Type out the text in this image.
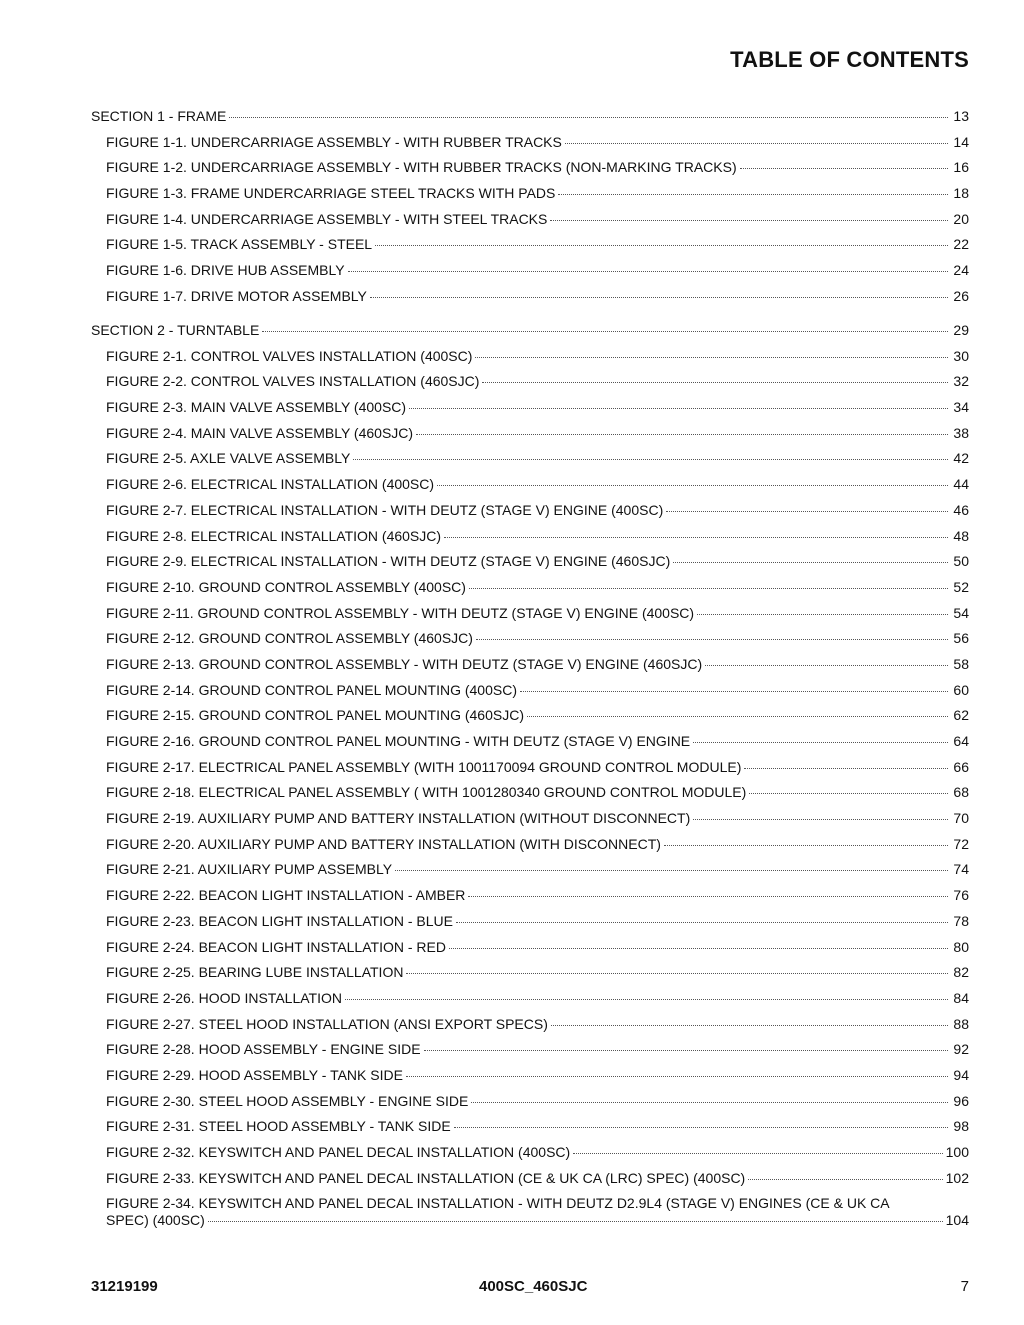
TABLE OF CONTENTS
SECTION 1 - FRAME	13
FIGURE 1-1. UNDERCARRIAGE ASSEMBLY - WITH RUBBER TRACKS	14
FIGURE 1-2. UNDERCARRIAGE ASSEMBLY - WITH RUBBER TRACKS (NON-MARKING TRACKS)	16
FIGURE 1-3. FRAME UNDERCARRIAGE STEEL TRACKS WITH PADS	18
FIGURE 1-4. UNDERCARRIAGE ASSEMBLY - WITH STEEL TRACKS	20
FIGURE 1-5. TRACK ASSEMBLY - STEEL	22
FIGURE 1-6. DRIVE HUB ASSEMBLY	24
FIGURE 1-7. DRIVE MOTOR ASSEMBLY	26
SECTION 2 - TURNTABLE	29
FIGURE 2-1. CONTROL VALVES INSTALLATION (400SC)	30
FIGURE 2-2. CONTROL VALVES INSTALLATION (460SJC)	32
FIGURE 2-3. MAIN VALVE ASSEMBLY (400SC)	34
FIGURE 2-4. MAIN VALVE ASSEMBLY (460SJC)	38
FIGURE 2-5. AXLE VALVE ASSEMBLY	42
FIGURE 2-6. ELECTRICAL INSTALLATION (400SC)	44
FIGURE 2-7. ELECTRICAL INSTALLATION - WITH DEUTZ (STAGE V) ENGINE (400SC)	46
FIGURE 2-8. ELECTRICAL INSTALLATION (460SJC)	48
FIGURE 2-9. ELECTRICAL INSTALLATION - WITH DEUTZ (STAGE V) ENGINE (460SJC)	50
FIGURE 2-10. GROUND CONTROL ASSEMBLY (400SC)	52
FIGURE 2-11. GROUND CONTROL ASSEMBLY - WITH DEUTZ (STAGE V) ENGINE (400SC)	54
FIGURE 2-12. GROUND CONTROL ASSEMBLY (460SJC)	56
FIGURE 2-13. GROUND CONTROL ASSEMBLY - WITH DEUTZ (STAGE V) ENGINE (460SJC)	58
FIGURE 2-14. GROUND CONTROL PANEL MOUNTING (400SC)	60
FIGURE 2-15. GROUND CONTROL PANEL MOUNTING (460SJC)	62
FIGURE 2-16. GROUND CONTROL PANEL MOUNTING - WITH DEUTZ (STAGE V) ENGINE	64
FIGURE 2-17. ELECTRICAL PANEL ASSEMBLY (WITH 1001170094 GROUND CONTROL MODULE)	66
FIGURE 2-18. ELECTRICAL PANEL ASSEMBLY ( WITH 1001280340 GROUND CONTROL MODULE)	68
FIGURE 2-19. AUXILIARY PUMP AND BATTERY INSTALLATION (WITHOUT DISCONNECT)	70
FIGURE 2-20. AUXILIARY PUMP AND BATTERY INSTALLATION (WITH DISCONNECT)	72
FIGURE 2-21. AUXILIARY PUMP ASSEMBLY	74
FIGURE 2-22. BEACON LIGHT INSTALLATION - AMBER	76
FIGURE 2-23. BEACON LIGHT INSTALLATION - BLUE	78
FIGURE 2-24. BEACON LIGHT INSTALLATION - RED	80
FIGURE 2-25. BEARING LUBE INSTALLATION	82
FIGURE 2-26. HOOD INSTALLATION	84
FIGURE 2-27. STEEL HOOD INSTALLATION (ANSI EXPORT SPECS)	88
FIGURE 2-28. HOOD ASSEMBLY - ENGINE SIDE	92
FIGURE 2-29. HOOD ASSEMBLY - TANK SIDE	94
FIGURE 2-30. STEEL HOOD ASSEMBLY - ENGINE SIDE	96
FIGURE 2-31. STEEL HOOD ASSEMBLY - TANK SIDE	98
FIGURE 2-32. KEYSWITCH AND PANEL DECAL INSTALLATION (400SC)	100
FIGURE 2-33. KEYSWITCH AND PANEL DECAL INSTALLATION (CE & UK CA (LRC) SPEC) (400SC)	102
FIGURE 2-34. KEYSWITCH AND PANEL DECAL INSTALLATION - WITH DEUTZ D2.9L4 (STAGE V) ENGINES (CE & UK CA
SPEC) (400SC)	104
31219199	400SC_460SJC	7
